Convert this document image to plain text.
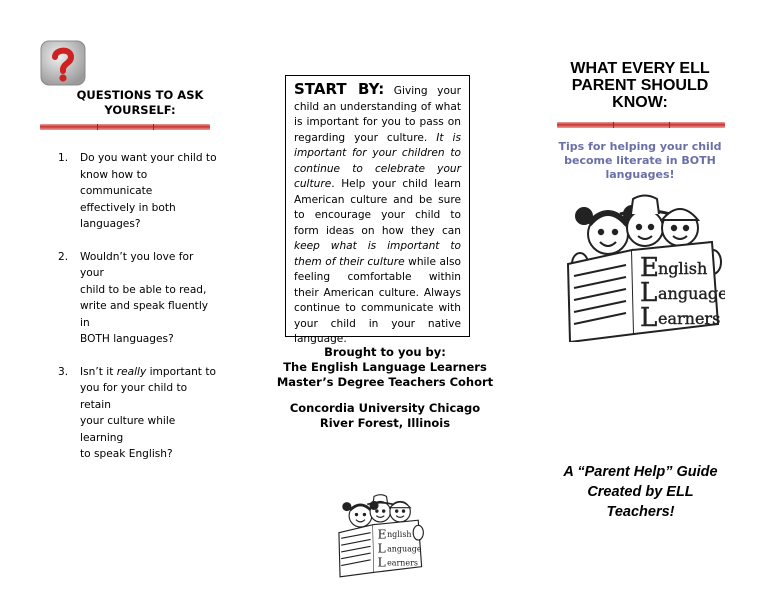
QUESTIONS TO ASK
YOURSELF:
1. Do you want your child to
know how to communicate
effectively in both
languages?
2. Wouldn’t you love for your
child to be able to read,
write and speak fluently in
BOTH languages?
3. Isn’t it really important to
you for your child to retain
your culture while learning
to speak English?
START BY: Giving your child an understanding of what is important for you to pass on regarding your culture. It is important for your children to continue to celebrate your culture. Help your child learn American culture and be sure to encourage your child to form ideas on how they can keep what is important to them of their culture while also feeling comfortable within their American culture. Always continue to communicate with your child in your native language.
Brought to you by:
The English Language Learners
Master’s Degree Teachers Cohort
Concordia University Chicago
River Forest, Illinois
E nglish
L anguage
L earners
WHAT EVERY ELL
PARENT SHOULD
KNOW:
Tips for helping your child
become literate in BOTH
languages!
E nglish
L anguage
L earners
A “Parent Help” Guide
Created by ELL
Teachers!
